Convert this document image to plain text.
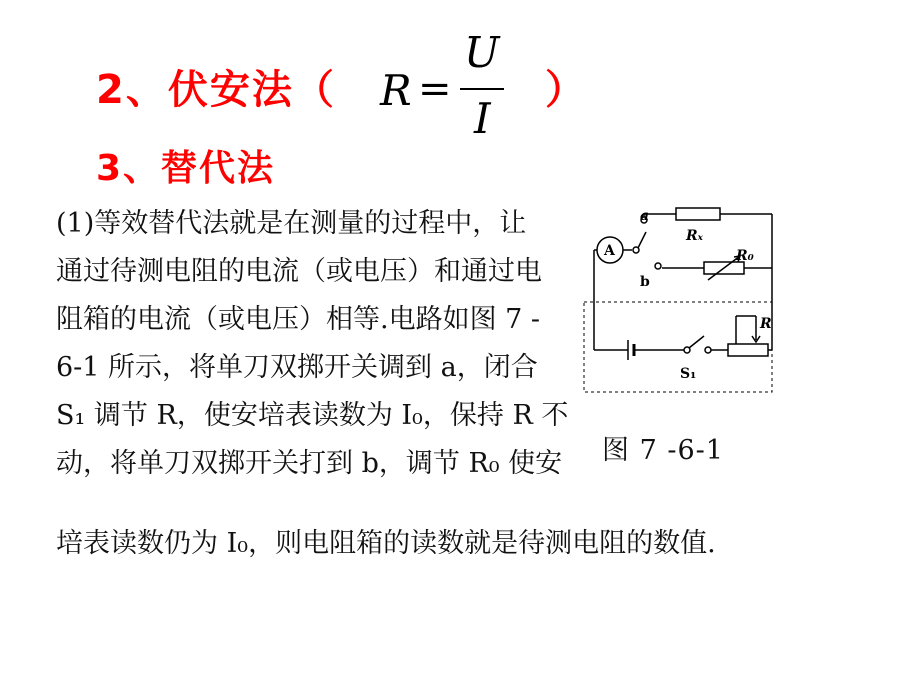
2、伏安法（ R =
U
I
）
3、替代法
(1)等效替代法就是在测量的过程中，让
通过待测电阻的电流（或电压）和通过电
阻箱的电流（或电压）相等.电路如图 7 -
6-1 所示，将单刀双掷开关调到 a，闭合
S₁ 调节 R，使安培表读数为 I₀，保持 R 不
动，将单刀双掷开关打到 b，调节 R₀ 使安
培表读数仍为 I₀，则电阻箱的读数就是待测电阻的数值.
a
b
Rₓ
R₀
R
S₁
A
图 7 -6-1
